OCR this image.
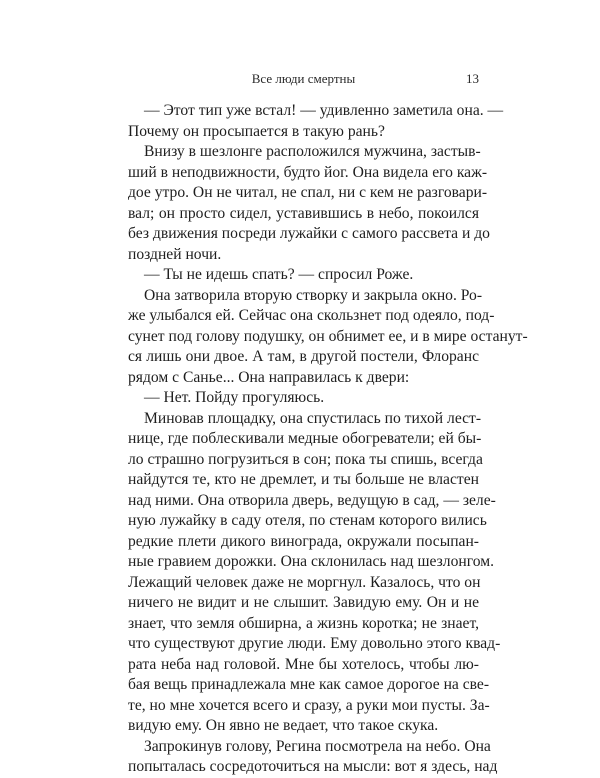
Все люди смертны	13
— Этот тип уже встал! — удивленно заметила она. —
Почему он просыпается в такую рань?
Внизу в шезлонге расположился мужчина, застыв-
ший в неподвижности, будто йог. Она видела его каж-
дое утро. Он не читал, не спал, ни с кем не разговари-
вал; он просто сидел, уставившись в небо, покоился
без движения посреди лужайки с самого рассвета и до
поздней ночи.
— Ты не идешь спать? — спросил Роже.
Она затворила вторую створку и закрыла окно. Ро-
же улыбался ей. Сейчас она скользнет под одеяло, под-
сунет под голову подушку, он обнимет ее, и в мире останут-
ся лишь они двое. А там, в другой постели, Флоранс
рядом с Санье... Она направилась к двери:
— Нет. Пойду прогуляюсь.
Миновав площадку, она спустилась по тихой лест-
нице, где поблескивали медные обогреватели; ей бы-
ло страшно погрузиться в сон; пока ты спишь, всегда
найдутся те, кто не дремлет, и ты больше не властен
над ними. Она отворила дверь, ведущую в сад, — зеле-
ную лужайку в саду отеля, по стенам которого вились
редкие плети дикого винограда, окружали посыпан-
ные гравием дорожки. Она склонилась над шезлонгом.
Лежащий человек даже не моргнул. Казалось, что он
ничего не видит и не слышит. Завидую ему. Он и не
знает, что земля обширна, а жизнь коротка; не знает,
что существуют другие люди. Ему довольно этого квад-
рата неба над головой. Мне бы хотелось, чтобы лю-
бая вещь принадлежала мне как самое дорогое на све-
те, но мне хочется всего и сразу, а руки мои пусты. За-
видую ему. Он явно не ведает, что такое скука.
Запрокинув голову, Регина посмотрела на небо. Она
попыталась сосредоточиться на мысли: вот я здесь, над
